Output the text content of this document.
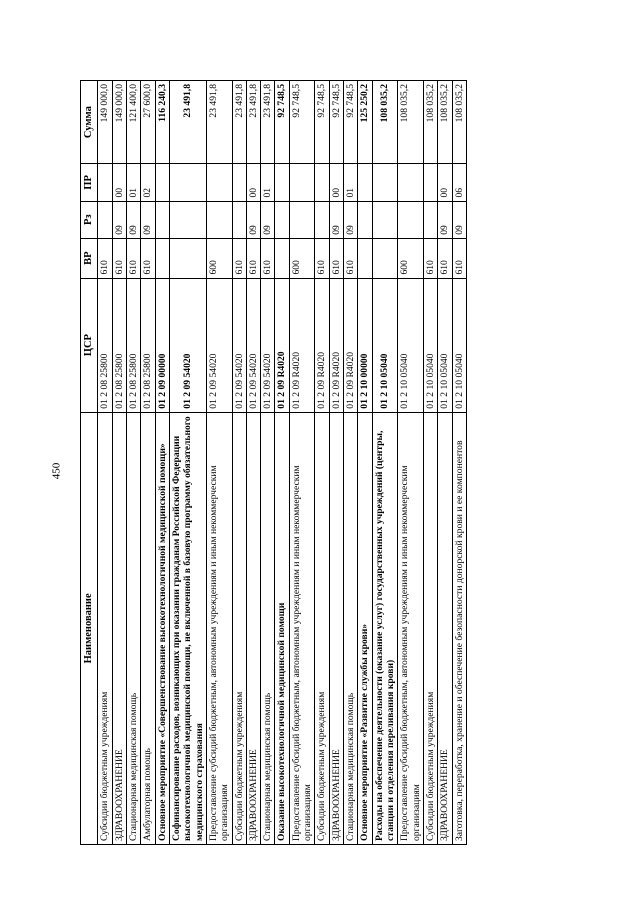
450
Наименование	ЦСР	ВР	Рз	ПР	Сумма
Субсидии бюджетным учреждениям	01 2 08 25800	610			149 000,0
ЗДРАВООХРАНЕНИЕ	01 2 08 25800	610	09	00	149 000,0
Стационарная медицинская помощь	01 2 08 25800	610	09	01	121 400,0
Амбулаторная помощь	01 2 08 25800	610	09	02	27 600,0
Основное мероприятие «Совершенствование высокотехнологичной медицинской помощи»	01 2 09 00000				116 240,3
Софинансирование расходов, возникающих при оказании гражданам Российской Федерации высокотехнологичной медицинской помощи, не включенной в базовую программу обязательного медицинского страхования	01 2 09 54020				23 491,8
Предоставление субсидий бюджетным, автономным учреждениям и иным некоммерческим организациям	01 2 09 54020	600			23 491,8
Субсидии бюджетным учреждениям	01 2 09 54020	610			23 491,8
ЗДРАВООХРАНЕНИЕ	01 2 09 54020	610	09	00	23 491,8
Стационарная медицинская помощь	01 2 09 54020	610	09	01	23 491,8
Оказание высокотехнологичной медицинской помощи	01 2 09 R4020				92 748,5
Предоставление субсидий бюджетным, автономным учреждениям и иным некоммерческим организациям	01 2 09 R4020	600			92 748,5
Субсидии бюджетным учреждениям	01 2 09 R4020	610			92 748,5
ЗДРАВООХРАНЕНИЕ	01 2 09 R4020	610	09	00	92 748,5
Стационарная медицинская помощь	01 2 09 R4020	610	09	01	92 748,5
Основное мероприятие «Развитие службы крови»	01 2 10 00000				125 250,2
Расходы на обеспечение деятельности (оказание услуг) государственных учреждений (центры, станции и отделения переливания крови)	01 2 10 05040				108 035,2
Предоставление субсидий бюджетным, автономным учреждениям и иным некоммерческим организациям	01 2 10 05040	600			108 035,2
Субсидии бюджетным учреждениям	01 2 10 05040	610			108 035,2
ЗДРАВООХРАНЕНИЕ	01 2 10 05040	610	09	00	108 035,2
Заготовка, переработка, хранение и обеспечение безопасности донорской крови и ее компонентов	01 2 10 05040	610	09	06	108 035,2
